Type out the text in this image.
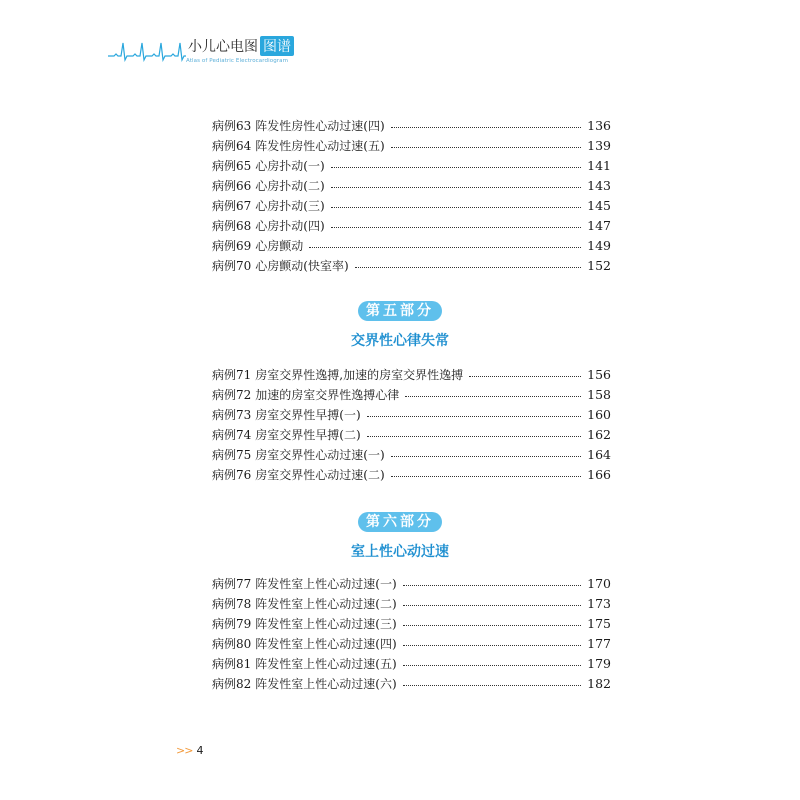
小儿心电图 图谱
Atlas of Pediatric Electrocardiogram
病例63 阵发性房性心动过速(四)	136
病例64 阵发性房性心动过速(五)	139
病例65 心房扑动(一)	141
病例66 心房扑动(二)	143
病例67 心房扑动(三)	145
病例68 心房扑动(四)	147
病例69 心房颤动	149
病例70 心房颤动(快室率)	152
第五部分
交界性心律失常
病例71 房室交界性逸搏,加速的房室交界性逸搏	156
病例72 加速的房室交界性逸搏心律	158
病例73 房室交界性早搏(一)	160
病例74 房室交界性早搏(二)	162
病例75 房室交界性心动过速(一)	164
病例76 房室交界性心动过速(二)	166
第六部分
室上性心动过速
病例77 阵发性室上性心动过速(一)	170
病例78 阵发性室上性心动过速(二)	173
病例79 阵发性室上性心动过速(三)	175
病例80 阵发性室上性心动过速(四)	177
病例81 阵发性室上性心动过速(五)	179
病例82 阵发性室上性心动过速(六)	182
>> 4
